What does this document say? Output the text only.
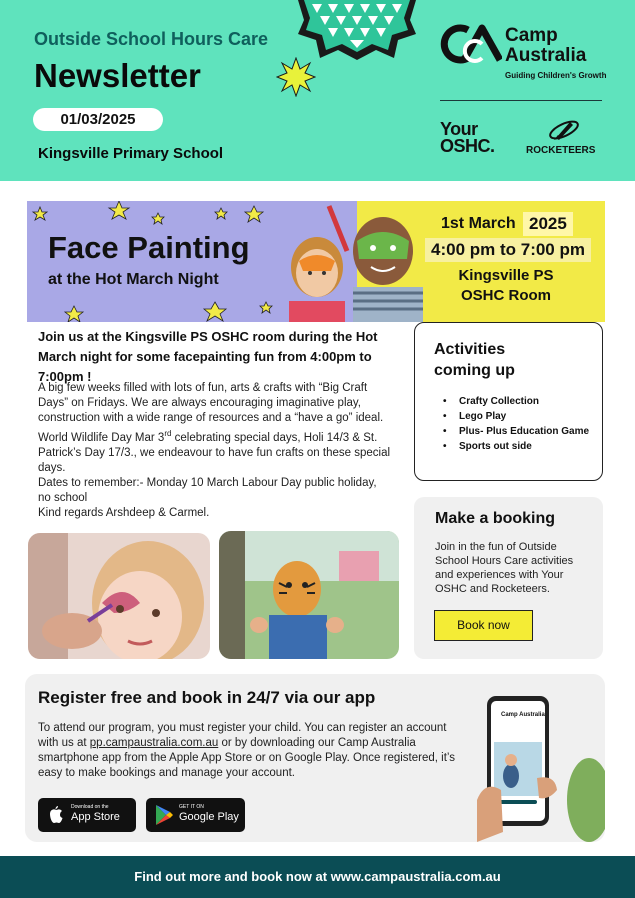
Outside School Hours Care
Newsletter
01/03/2025
Kingsville Primary School
Camp
Australia
Guiding Children's Growth
Your
OSHC.	ROCKETEERS
Face Painting
at the Hot March Night
1st March 2025
4:00 pm to 7:00 pm
Kingsville PS
OSHC Room
Join us at the Kingsville PS OSHC room during the Hot March night for some facepainting fun from 4:00pm to 7:00pm !

A big few weeks filled with lots of fun, arts & crafts with “Big Craft Days” on Fridays. We are always encouraging imaginative play, construction with a wide range of resources and a “have a go” ideal.

World Wildlife Day Mar 3rd celebrating special days, Holi 14/3 & St. Patrick’s Day 17/3., we endeavour to have fun crafts on these special days.

Dates to remember:- Monday 10 March Labour Day public holiday, no school

Kind regards Arshdeep & Carmel.

Activities coming up
• Crafty Collection
• Lego Play
• Plus- Plus Education Game
• Sports out side
Make a booking
Join in the fun of Outside School Hours Care activities and experiences with Your OSHC and Rocketeers.
Book now
Register free and book in 24/7 via our app
To attend our program, you must register your child. You can register an account with us at pp.campaustralia.com.au or by downloading our Camp Australia smartphone app from the Apple App Store or on Google Play. Once registered, it’s easy to make bookings and manage your account.
Download on the
App Store
GET IT ON
Google Play
Camp Australia
Find out more and book now at www.campaustralia.com.au
